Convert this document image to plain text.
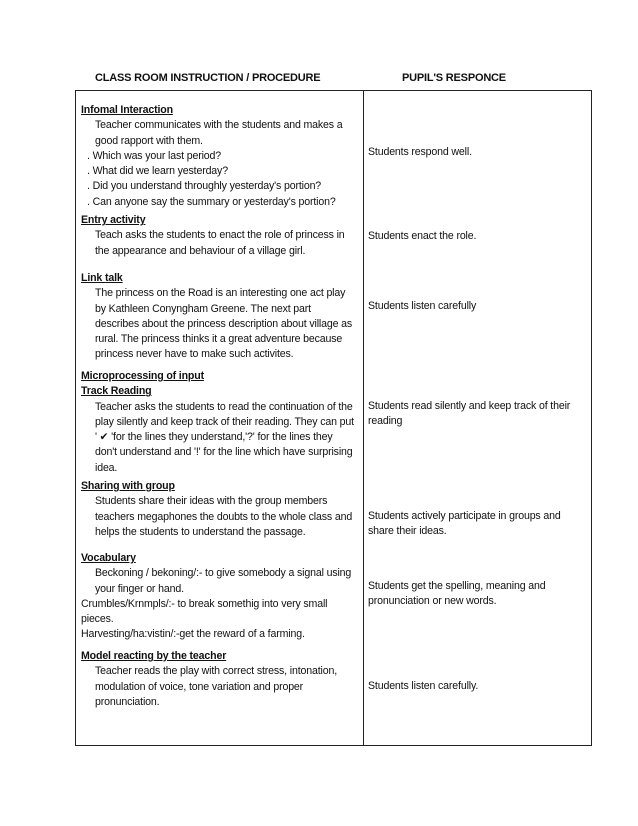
CLASS ROOM INSTRUCTION / PROCEDURE	PUPIL'S RESPONCE
Infomal Interaction
Teacher communicates with the students and makes a good rapport with them.
. Which was your last period?
. What did we learn yesterday?
. Did you understand throughly yesterday's portion?
. Can anyone say the summary or yesterday's portion?
Students respond well.
Entry activity
Teach asks the students to enact the role of princess in the appearance and behaviour of a village girl.
Students enact the role.
Link talk
The princess on the Road is an interesting one act play by Kathleen Conyngham Greene. The next part describes about the princess description about village as rural. The princess thinks it a great adventure because princess never have to make such activites.
Students listen carefully
Microprocessing of input
Track Reading
Teacher asks the students to read the continuation of the play silently and keep track of their reading. They can put ' ✔ 'for the lines they understand,'?' for the lines they don't understand and '!' for the line which have surprising idea.
Students read silently and keep track of their reading
Sharing with group
Students share their ideas with the group members teachers megaphones the doubts to the whole class and helps the students to understand the passage.
Students actively participate in groups and share their ideas.
Vocabulary
Beckoning / bekoning/:- to give somebody a signal using your finger or hand.
Crumbles/Krnmpls/:- to break somethig into very small pieces.
Harvesting/ha:vistin/:-get the reward of a farming.
Students get the spelling, meaning and pronunciation or new words.
Model reacting by the teacher
Teacher reads the play with correct stress, intonation, modulation of voice, tone variation and proper pronunciation.
Students listen carefully.
